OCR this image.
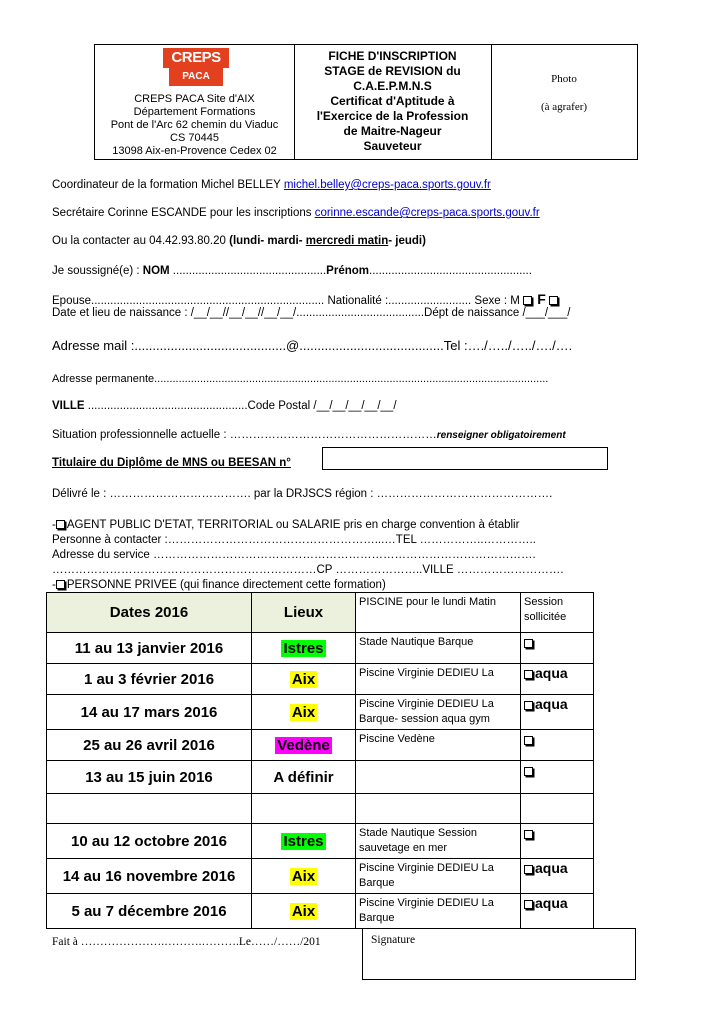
CREPS
PACA
CREPS PACA Site d'AIX
Département Formations
Pont de l'Arc 62 chemin du Viaduc
CS 70445
13098 Aix-en-Provence Cedex 02
FICHE D'INSCRIPTION
STAGE de REVISION du
C.A.E.P.M.N.S
Certificat d'Aptitude à
l'Exercice de la Profession
de Maitre-Nageur
Sauveteur
Photo
(à agrafer)
Coordinateur de la formation Michel BELLEY michel.belley@creps-paca.sports.gouv.fr
Secrétaire Corinne ESCANDE pour les inscriptions corinne.escande@creps-paca.sports.gouv.fr
Ou la contacter au 04.42.93.80.20 (lundi- mardi- mercredi matin- jeudi)
Je soussigné(e) : NOM ................................................Prénom...................................................
Epouse......................................................................... Nationalité :.......................... Sexe : M F
Date et lieu de naissance : /__/__//__/__//__/__/........................................Dépt de naissance /___/___/
Adresse mail :..........................................@........................................Tel :…./…../…../…./….
Adresse permanente.................................................................................................................................
VILLE ..................................................Code Postal /__/__/__/__/__/
Situation professionnelle actuelle : ………………………………………………renseigner obligatoirement
Titulaire du Diplôme de MNS ou BEESAN n°
Délivré le : ………………………………. par la DRJSCS région : ……………………………………….
- AGENT PUBLIC D'ETAT, TERRITORIAL ou SALARIE pris en charge convention à établir
Personne à contacter :………………………………………………...…TEL ……………..…………..
Adresse du service ……………………………………………………………………………………….
……………………………………………………………CP …………………..VILLE ……………………….
- PERSONNE PRIVEE (qui finance directement cette formation)
Dates 2016	Lieux	PISCINE pour le lundi Matin	Session sollicitée
11 au 13 janvier 2016	Istres	Stade Nautique Barque	
1 au 3 février 2016	Aix	Piscine Virginie DEDIEU La	aqua
14 au 17 mars 2016	Aix	Piscine Virginie DEDIEU La Barque- session aqua gym	aqua
25 au 26 avril 2016	Vedène	Piscine Vedène	
13 au 15 juin 2016	A définir		

10 au 12 octobre 2016	Istres	Stade Nautique Session sauvetage en mer	
14 au 16 novembre 2016	Aix	Piscine Virginie DEDIEU La Barque	aqua
5 au 7 décembre 2016	Aix	Piscine Virginie DEDIEU La Barque	aqua
Fait à ………………….……….……….Le……/……/201	Signature
